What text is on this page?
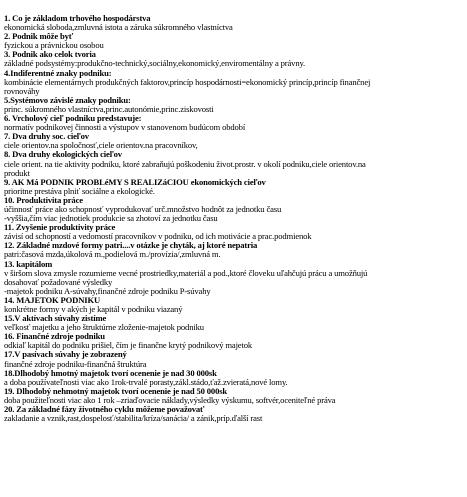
1. Co je základom trhového hospodárstva
ekonomická sloboda,zmluvná istota a záruka súkromného vlastníctva
2. Podnik môže byť
fyzickou a právnickou osobou
3. Podnik ako celok tvoria
základné podsystémy:produkčno-technický,sociálny,ekonomický,enviromentálny a právny.
4.Indiferentné znaky podniku:
kombinácie elementárnych produkčných faktorov,princíp hospodárnosti=ekonomický princíp,princíp finančnej
rovnováhy
5.Systémovo závislé znaky podniku:
princ. súkromného vlastníctva,princ.autonómie,princ.ziskovosti
6. Vrcholový cieľ podniku predstavuje:
normatív podnikovej činnosti a výstupov v stanovenom budúcom období
7. Dva druhy soc. cieľov
ciele orientov.na spoločnosť,ciele orientov.na pracovníkov,
8. Dva druhy ekologických cieľov
ciele orient. na tie aktivity podniku, ktoré zabraňujú poškodeniu život.prostr. v okolí podniku,ciele orientov.na
produkt
9. AK Má PODNIK PROBLéMY S REALIZáCIOU ekonomických cieľov
prioritne prestáva plniť sociálne a ekologické.
10. Produktivita práce
účinnosť práce ako schopnosť vyprodukovať urč.množstvo hodnôt za jednotku času
-vyššia,čím viac jednotiek produkcie sa zhotoví za jednotku času
11. Zvyšenie produktivity práce
závisí od schopností a vedomostí pracovníkov v podniku, od ich motivácie a prac.podmienok
12. Základné mzdové formy patri....v otázke je chyták, aj ktoré nepatria
patri:časová mzda,úkolová m.,podielová m./provízia/,zmluvná m.
13. kapitálom
v širšom slova zmysle rozumieme vecné prostriedky,materiál a pod.,ktoré človeku uľahčujú prácu a umožňujú
dosahovať požadované výsledky
-majetok podniku A-súvahy,finančné zdroje podniku P-súvahy
14. MAJETOK PODNIKU
konkrétne formy v akých je kapitál v podniku viazaný
15.V aktívach súvahy zistíme
veľkosť majetku a jeho štruktúrne zloženie-majetok podniku
16. Finančné zdroje podniku
odkiaľ kapitál do podniku prišiel, čím je finančne krytý podnikový majetok
17.V pasívach súvahy je zobrazený
finančné zdroje podniku-finančná štruktúra
18.Dlhodobý hmotný majetok tvorí ocenenie je nad 30 000sk
a doba používateľnosti viac ako 1rok-trvalé porasty,zákl.stádo,ťaž.zvieratá,nové lomy.
19. Dlhodobý nehmotný majetok tvorí ocenenie je nad 50 000sk
doba použiteľnosti viac ako 1 rok –zriaďovacie náklady,výsledky výskumu, softvér,oceniteľné práva
20. Za základné fázy životného cyklu môžeme považovať
zakladanie a vznik,rast,dospelosť/stabilita/kríza/sanácia/ a zánik,príp.ďalší rast
